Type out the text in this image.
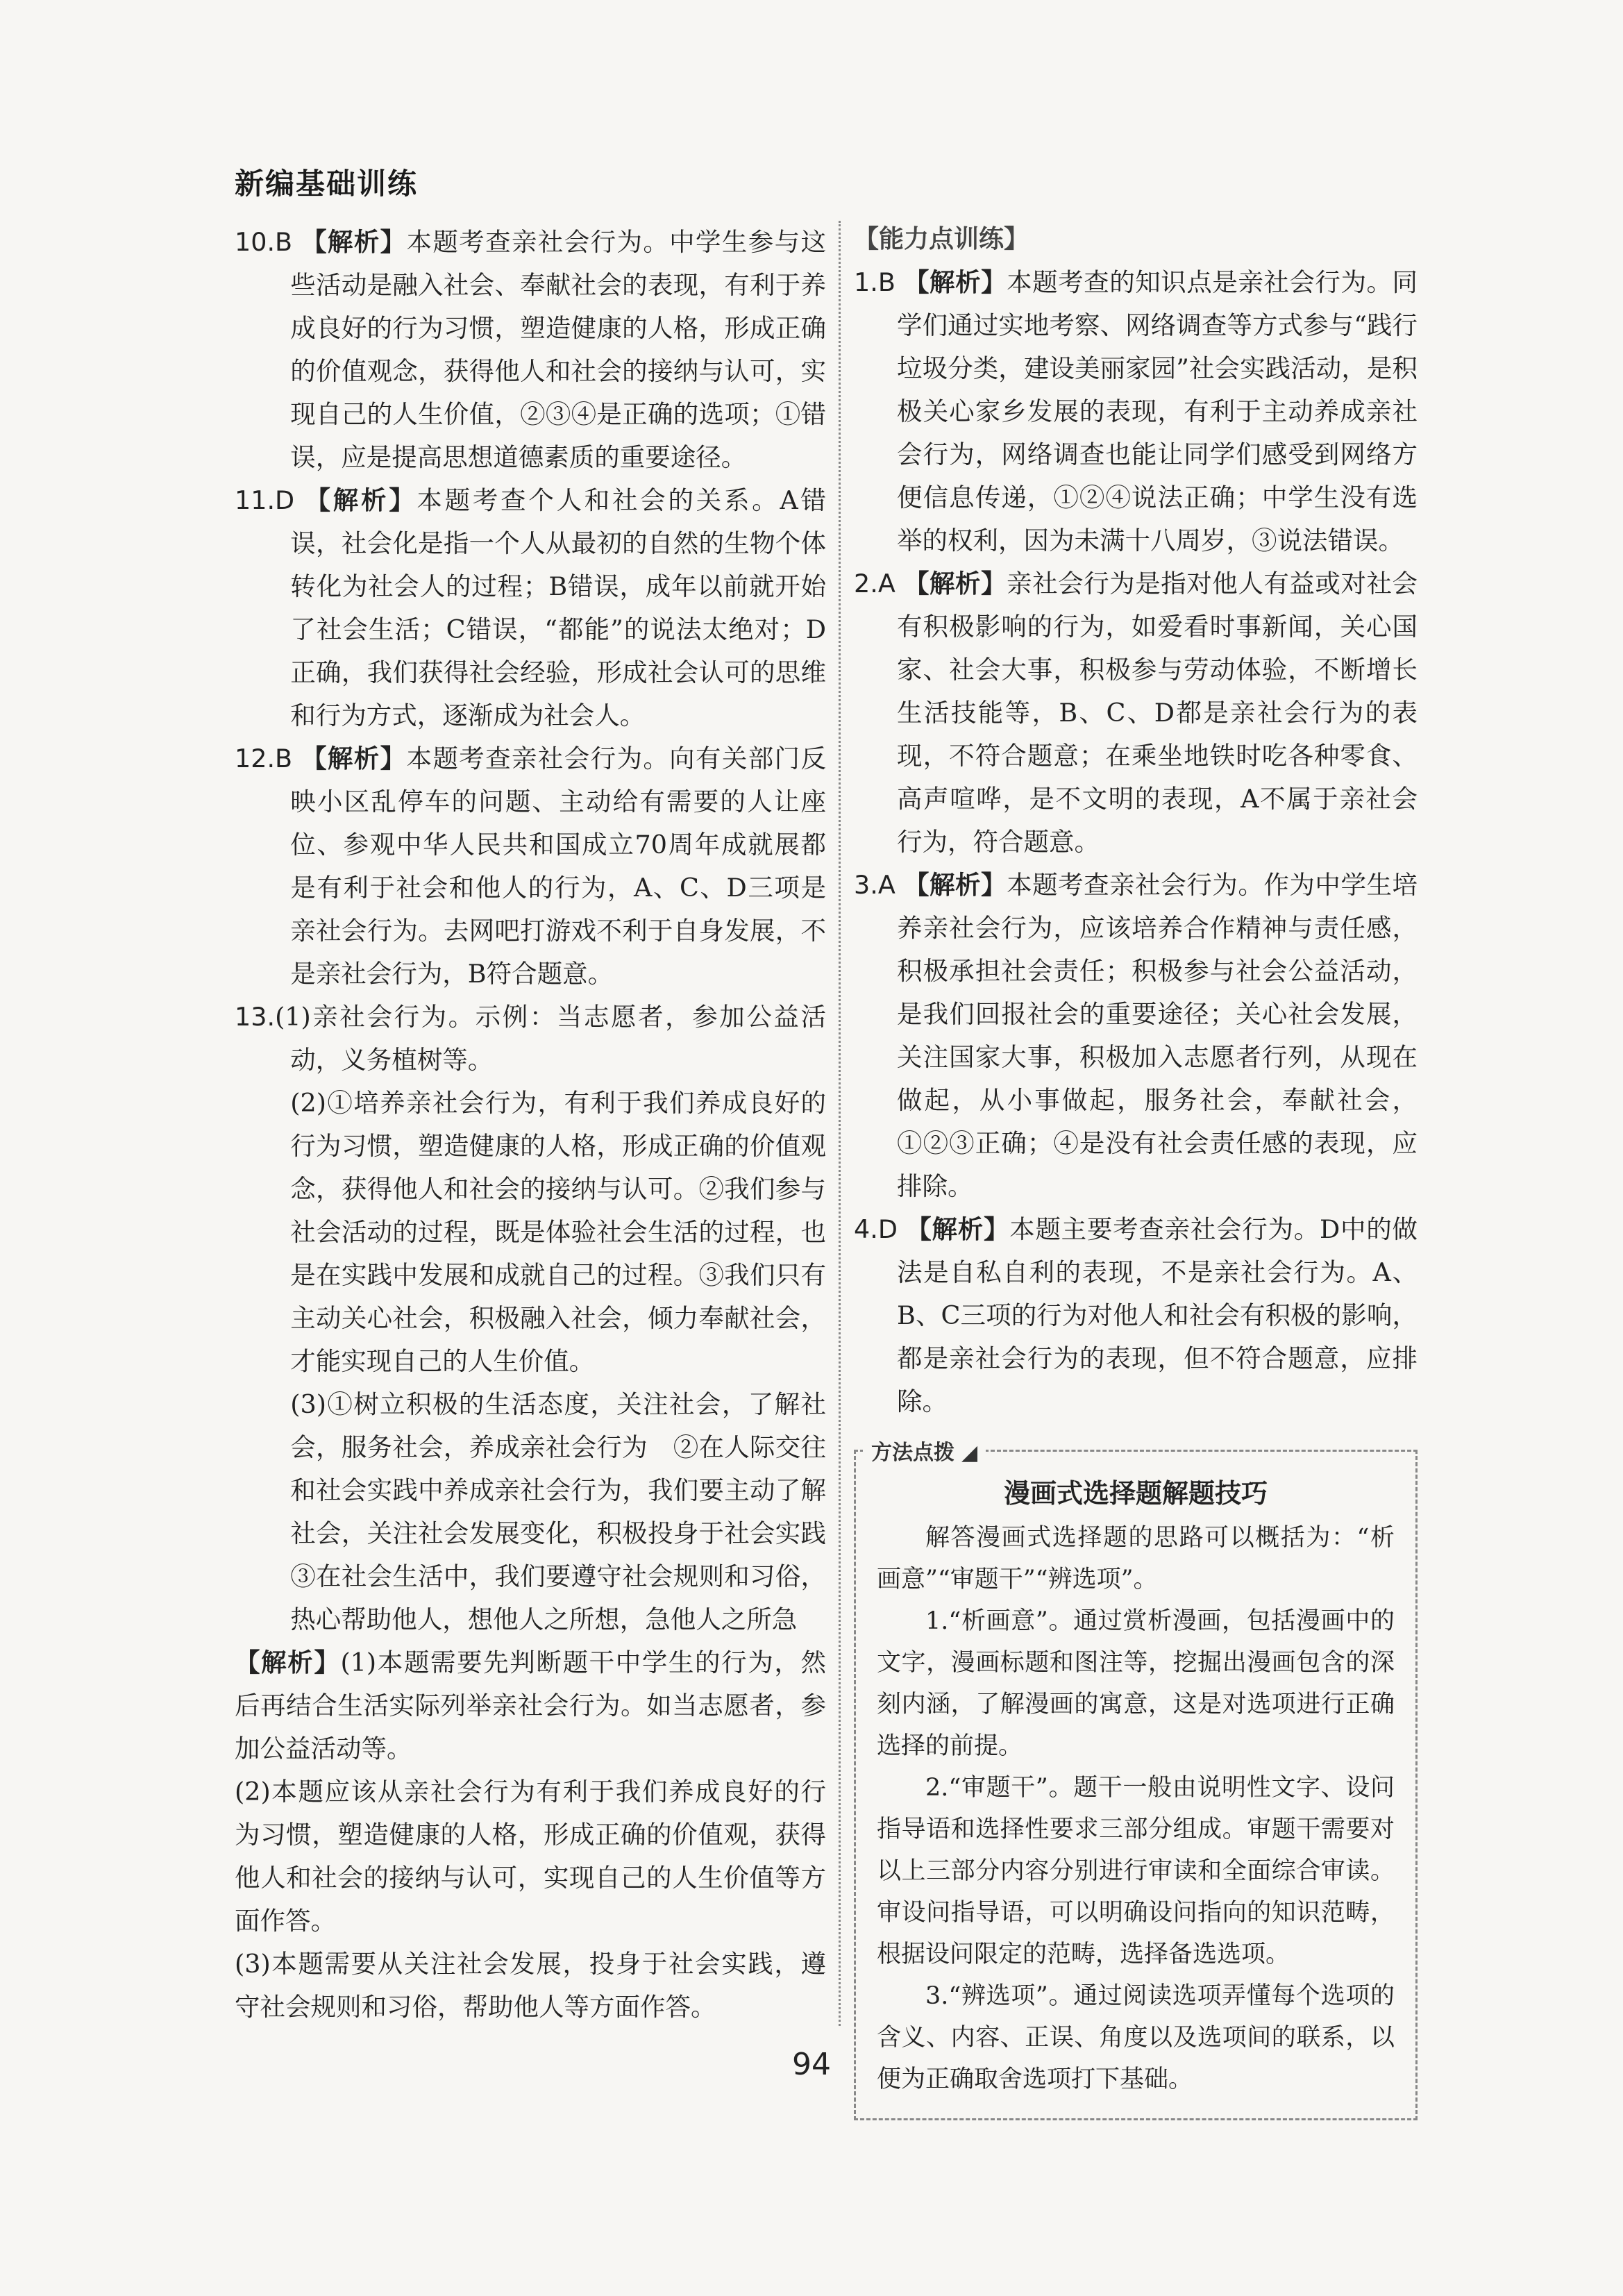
新编基础训练

10.B 【解析】本题考查亲社会行为。中学生参与这些活动是融入社会、奉献社会的表现，有利于养成良好的行为习惯，塑造健康的人格，形成正确的价值观念，获得他人和社会的接纳与认可，实现自己的人生价值，②③④是正确的选项；①错误，应是提高思想道德素质的重要途径。

11.D 【解析】本题考查个人和社会的关系。A错误，社会化是指一个人从最初的自然的生物个体转化为社会人的过程；B错误，成年以前就开始了社会生活；C错误，“都能”的说法太绝对；D正确，我们获得社会经验，形成社会认可的思维和行为方式，逐渐成为社会人。

12.B 【解析】本题考查亲社会行为。向有关部门反映小区乱停车的问题、主动给有需要的人让座位、参观中华人民共和国成立70周年成就展都是有利于社会和他人的行为，A、C、D三项是亲社会行为。去网吧打游戏不利于自身发展，不是亲社会行为，B符合题意。

13.(1)亲社会行为。示例：当志愿者，参加公益活动，义务植树等。

(2)①培养亲社会行为，有利于我们养成良好的行为习惯，塑造健康的人格，形成正确的价值观念，获得他人和社会的接纳与认可。②我们参与社会活动的过程，既是体验社会生活的过程，也是在实践中发展和成就自己的过程。③我们只有主动关心社会，积极融入社会，倾力奉献社会，才能实现自己的人生价值。

(3)①树立积极的生活态度，关注社会，了解社会，服务社会，养成亲社会行为　②在人际交往和社会实践中养成亲社会行为，我们要主动了解社会，关注社会发展变化，积极投身于社会实践　③在社会生活中，我们要遵守社会规则和习俗，热心帮助他人，想他人之所想，急他人之所急

【解析】(1)本题需要先判断题干中学生的行为，然后再结合生活实际列举亲社会行为。如当志愿者，参加公益活动等。

(2)本题应该从亲社会行为有利于我们养成良好的行为习惯，塑造健康的人格，形成正确的价值观，获得他人和社会的接纳与认可，实现自己的人生价值等方面作答。

(3)本题需要从关注社会发展，投身于社会实践，遵守社会规则和习俗，帮助他人等方面作答。

【能力点训练】

1.B 【解析】本题考查的知识点是亲社会行为。同学们通过实地考察、网络调查等方式参与“践行垃圾分类，建设美丽家园”社会实践活动，是积极关心家乡发展的表现，有利于主动养成亲社会行为，网络调查也能让同学们感受到网络方便信息传递，①②④说法正确；中学生没有选举的权利，因为未满十八周岁，③说法错误。

2.A 【解析】亲社会行为是指对他人有益或对社会有积极影响的行为，如爱看时事新闻，关心国家、社会大事，积极参与劳动体验，不断增长生活技能等，B、C、D都是亲社会行为的表现，不符合题意；在乘坐地铁时吃各种零食、高声喧哗，是不文明的表现，A不属于亲社会行为，符合题意。

3.A 【解析】本题考查亲社会行为。作为中学生培养亲社会行为，应该培养合作精神与责任感，积极承担社会责任；积极参与社会公益活动，是我们回报社会的重要途径；关心社会发展，关注国家大事，积极加入志愿者行列，从现在做起，从小事做起，服务社会，奉献社会，①②③正确；④是没有社会责任感的表现，应排除。

4.D 【解析】本题主要考查亲社会行为。D中的做法是自私自利的表现，不是亲社会行为。A、B、C三项的行为对他人和社会有积极的影响，都是亲社会行为的表现，但不符合题意，应排除。

方法点拨 ◢
漫画式选择题解题技巧

解答漫画式选择题的思路可以概括为：“析画意”“审题干”“辨选项”。

1.“析画意”。通过赏析漫画，包括漫画中的文字，漫画标题和图注等，挖掘出漫画包含的深刻内涵，了解漫画的寓意，这是对选项进行正确选择的前提。

2.“审题干”。题干一般由说明性文字、设问指导语和选择性要求三部分组成。审题干需要对以上三部分内容分别进行审读和全面综合审读。审设问指导语，可以明确设问指向的知识范畴，根据设问限定的范畴，选择备选选项。

3.“辨选项”。通过阅读选项弄懂每个选项的含义、内容、正误、角度以及选项间的联系，以便为正确取舍选项打下基础。

94
